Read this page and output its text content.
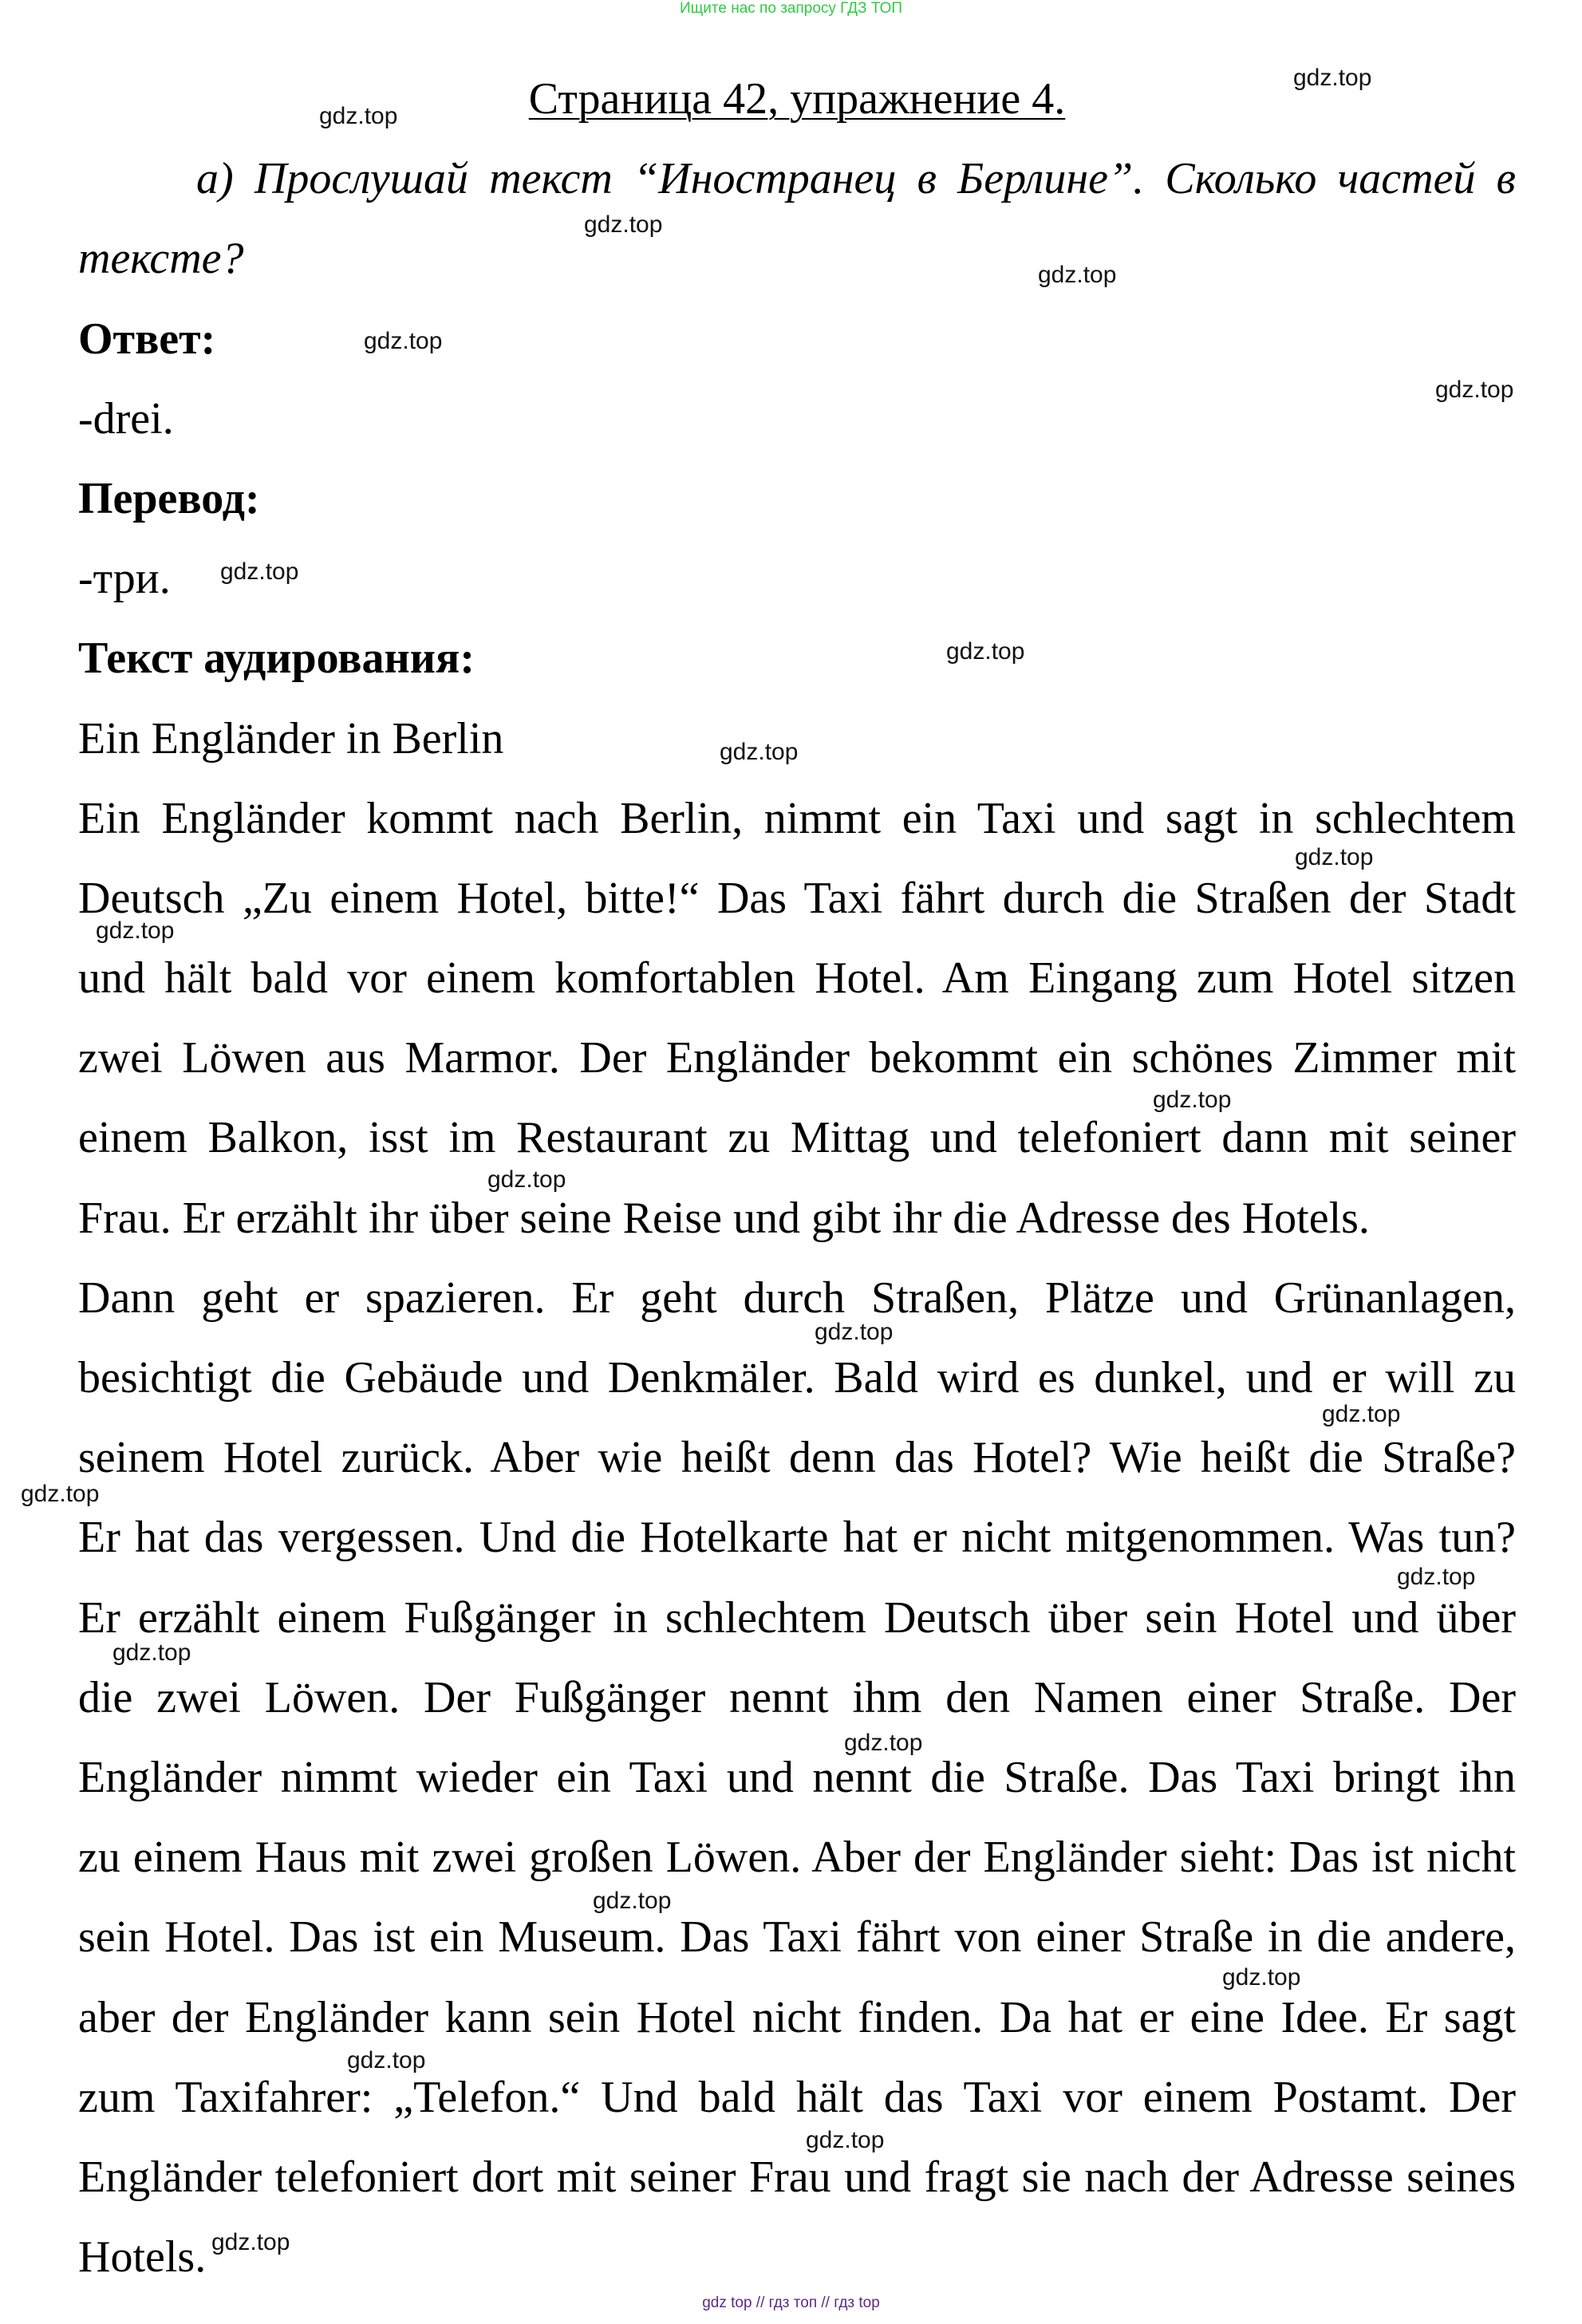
Ищите нас по запросу ГДЗ ТОП
Страница 42, упражнение 4.
а) Прослушай текст “Иностранец в Берлине”. Сколько частей в
тексте?
Ответ:
-drei.
Перевод:
-три.
Текст аудирования:
Ein Engländer in Berlin
Ein Engländer kommt nach Berlin, nimmt ein Taxi und sagt in schlechtem
Deutsch „Zu einem Hotel, bitte!“ Das Taxi fährt durch die Straßen der Stadt
und hält bald vor einem komfortablen Hotel. Am Eingang zum Hotel sitzen
zwei Löwen aus Marmor. Der Engländer bekommt ein schönes Zimmer mit
einem Balkon, isst im Restaurant zu Mittag und telefoniert dann mit seiner
Frau. Er erzählt ihr über seine Reise und gibt ihr die Adresse des Hotels.
Dann geht er spazieren. Er geht durch Straßen, Plätze und Grünanlagen,
besichtigt die Gebäude und Denkmäler. Bald wird es dunkel, und er will zu
seinem Hotel zurück. Aber wie heißt denn das Hotel? Wie heißt die Straße?
Er hat das vergessen. Und die Hotelkarte hat er nicht mitgenommen. Was tun?
Er erzählt einem Fußgänger in schlechtem Deutsch über sein Hotel und über
die zwei Löwen. Der Fußgänger nennt ihm den Namen einer Straße. Der
Engländer nimmt wieder ein Taxi und nennt die Straße. Das Taxi bringt ihn
zu einem Haus mit zwei großen Löwen. Aber der Engländer sieht: Das ist nicht
sein Hotel. Das ist ein Museum. Das Taxi fährt von einer Straße in die andere,
aber der Engländer kann sein Hotel nicht finden. Da hat er eine Idee. Er sagt
zum Taxifahrer: „Telefon.“ Und bald hält das Taxi vor einem Postamt. Der
Engländer telefoniert dort mit seiner Frau und fragt sie nach der Adresse seines
Hotels.
gdz.top
gdz.top
gdz.top
gdz.top
gdz.top
gdz.top
gdz.top
gdz.top
gdz.top
gdz.top
gdz.top
gdz.top
gdz.top
gdz.top
gdz.top
gdz.top
gdz.top
gdz.top
gdz.top
gdz.top
gdz.top
gdz.top
gdz.top
gdz.top
gdz top // гдз топ // гдз top
